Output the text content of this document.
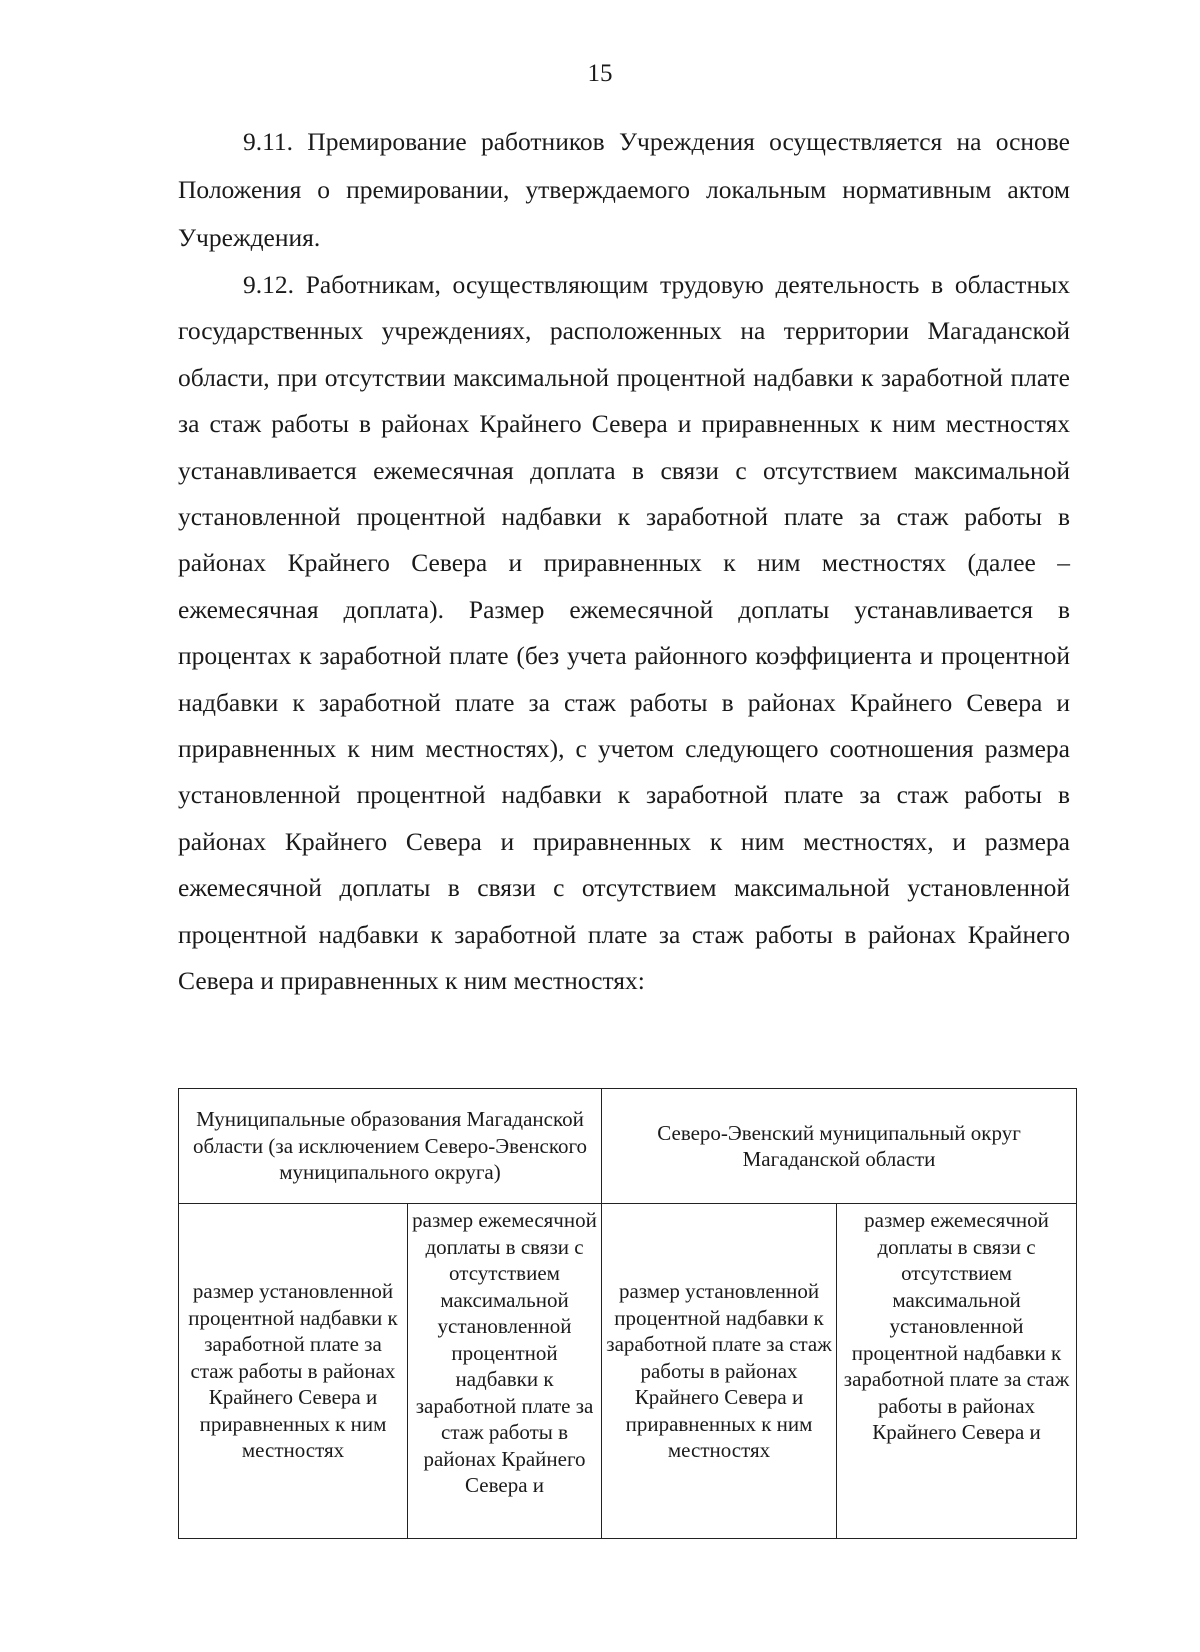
15

9.11. Премирование работников Учреждения осуществляется на основе Положения о премировании, утверждаемого локальным нормативным актом Учреждения.

9.12. Работникам, осуществляющим трудовую деятельность в областных государственных учреждениях, расположенных на территории Магаданской области, при отсутствии максимальной процентной надбавки к заработной плате за стаж работы в районах Крайнего Севера и приравненных к ним местностях устанавливается ежемесячная доплата в связи с отсутствием максимальной установленной процентной надбавки к заработной плате за стаж работы в районах Крайнего Севера и приравненных к ним местностях (далее – ежемесячная доплата). Размер ежемесячной доплаты устанавливается в процентах к заработной плате (без учета районного коэффициента и процентной надбавки к заработной плате за стаж работы в районах Крайнего Севера и приравненных к ним местностях), с учетом следующего соотношения размера установленной процентной надбавки к заработной плате за стаж работы в районах Крайнего Севера и приравненных к ним местностях, и размера ежемесячной доплаты в связи с отсутствием максимальной установленной процентной надбавки к заработной плате за стаж работы в районах Крайнего Севера и приравненных к ним местностях:

Муниципальные образования Магаданской области (за исключением Северо-Эвенского муниципального округа)		Северо-Эвенский муниципальный округ Магаданской области	
размер установленной процентной надбавки к заработной плате за стаж работы в районах Крайнего Севера и приравненных к ним местностях	размер ежемесячной доплаты в связи с отсутствием максимальной установленной процентной надбавки к заработной плате за стаж работы в районах Крайнего Севера и	размер установленной процентной надбавки к заработной плате за стаж работы в районах Крайнего Севера и приравненных к ним местностях	размер ежемесячной доплаты в связи с отсутствием максимальной установленной процентной надбавки к заработной плате за стаж работы в районах Крайнего Севера и
